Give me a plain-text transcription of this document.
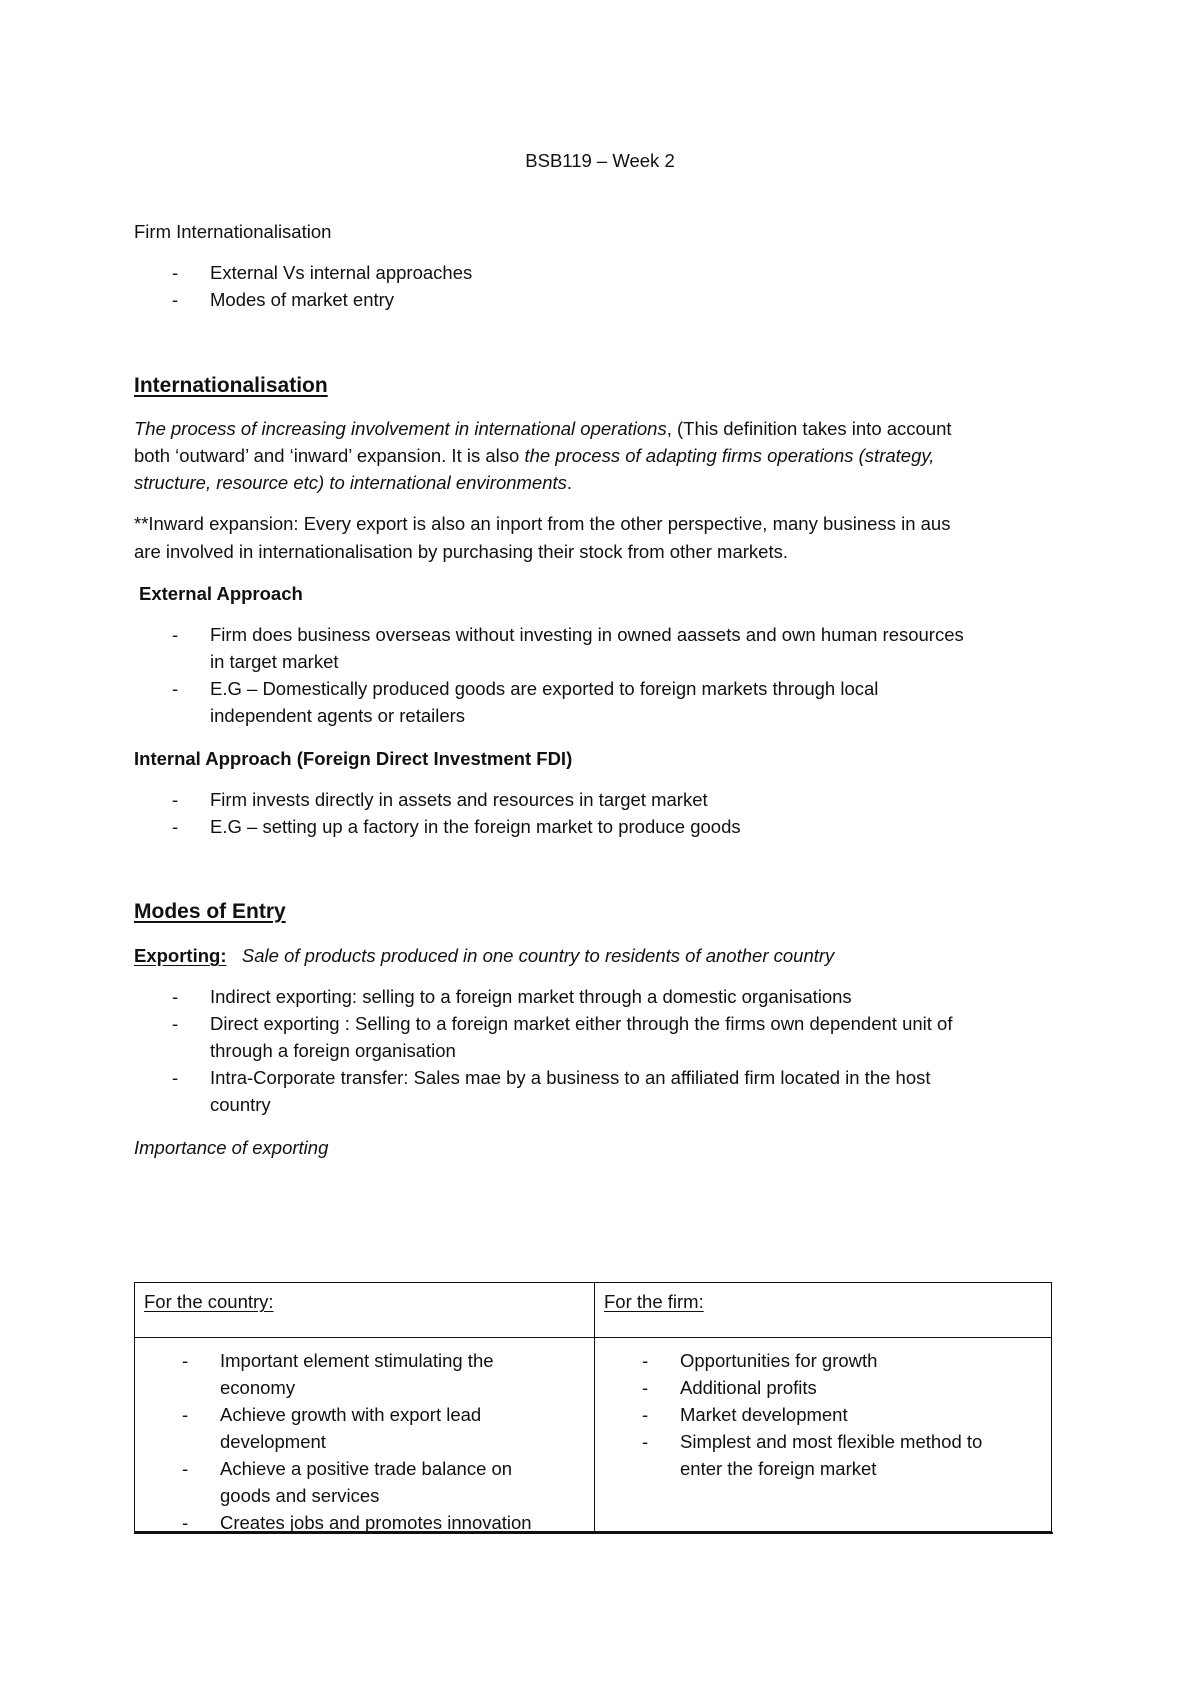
BSB119 – Week 2
Firm Internationalisation
- External Vs internal approaches
- Modes of market entry
Internationalisation
The process of increasing involvement in international operations, (This definition takes into account
both ‘outward’ and ‘inward’ expansion. It is also the process of adapting firms operations (strategy,
structure, resource etc) to international environments.
**Inward expansion: Every export is also an inport from the other perspective, many business in aus
are involved in internationalisation by purchasing their stock from other markets.
External Approach
- Firm does business overseas without investing in owned aassets and own human resources
in target market
- E.G – Domestically produced goods are exported to foreign markets through local
independent agents or retailers
Internal Approach (Foreign Direct Investment FDI)
- Firm invests directly in assets and resources in target market
- E.G – setting up a factory in the foreign market to produce goods
Modes of Entry
Exporting: Sale of products produced in one country to residents of another country
- Indirect exporting: selling to a foreign market through a domestic organisations
- Direct exporting : Selling to a foreign market either through the firms own dependent unit of
through a foreign organisation
- Intra-Corporate transfer: Sales mae by a business to an affiliated firm located in the host
country
Importance of exporting
For the country:	For the firm:
- Important element stimulating the
economy
- Achieve growth with export lead
development
- Achieve a positive trade balance on
goods and services
- Creates jobs and promotes innovation
- Opportunities for growth
- Additional profits
- Market development
- Simplest and most flexible method to
enter the foreign market
